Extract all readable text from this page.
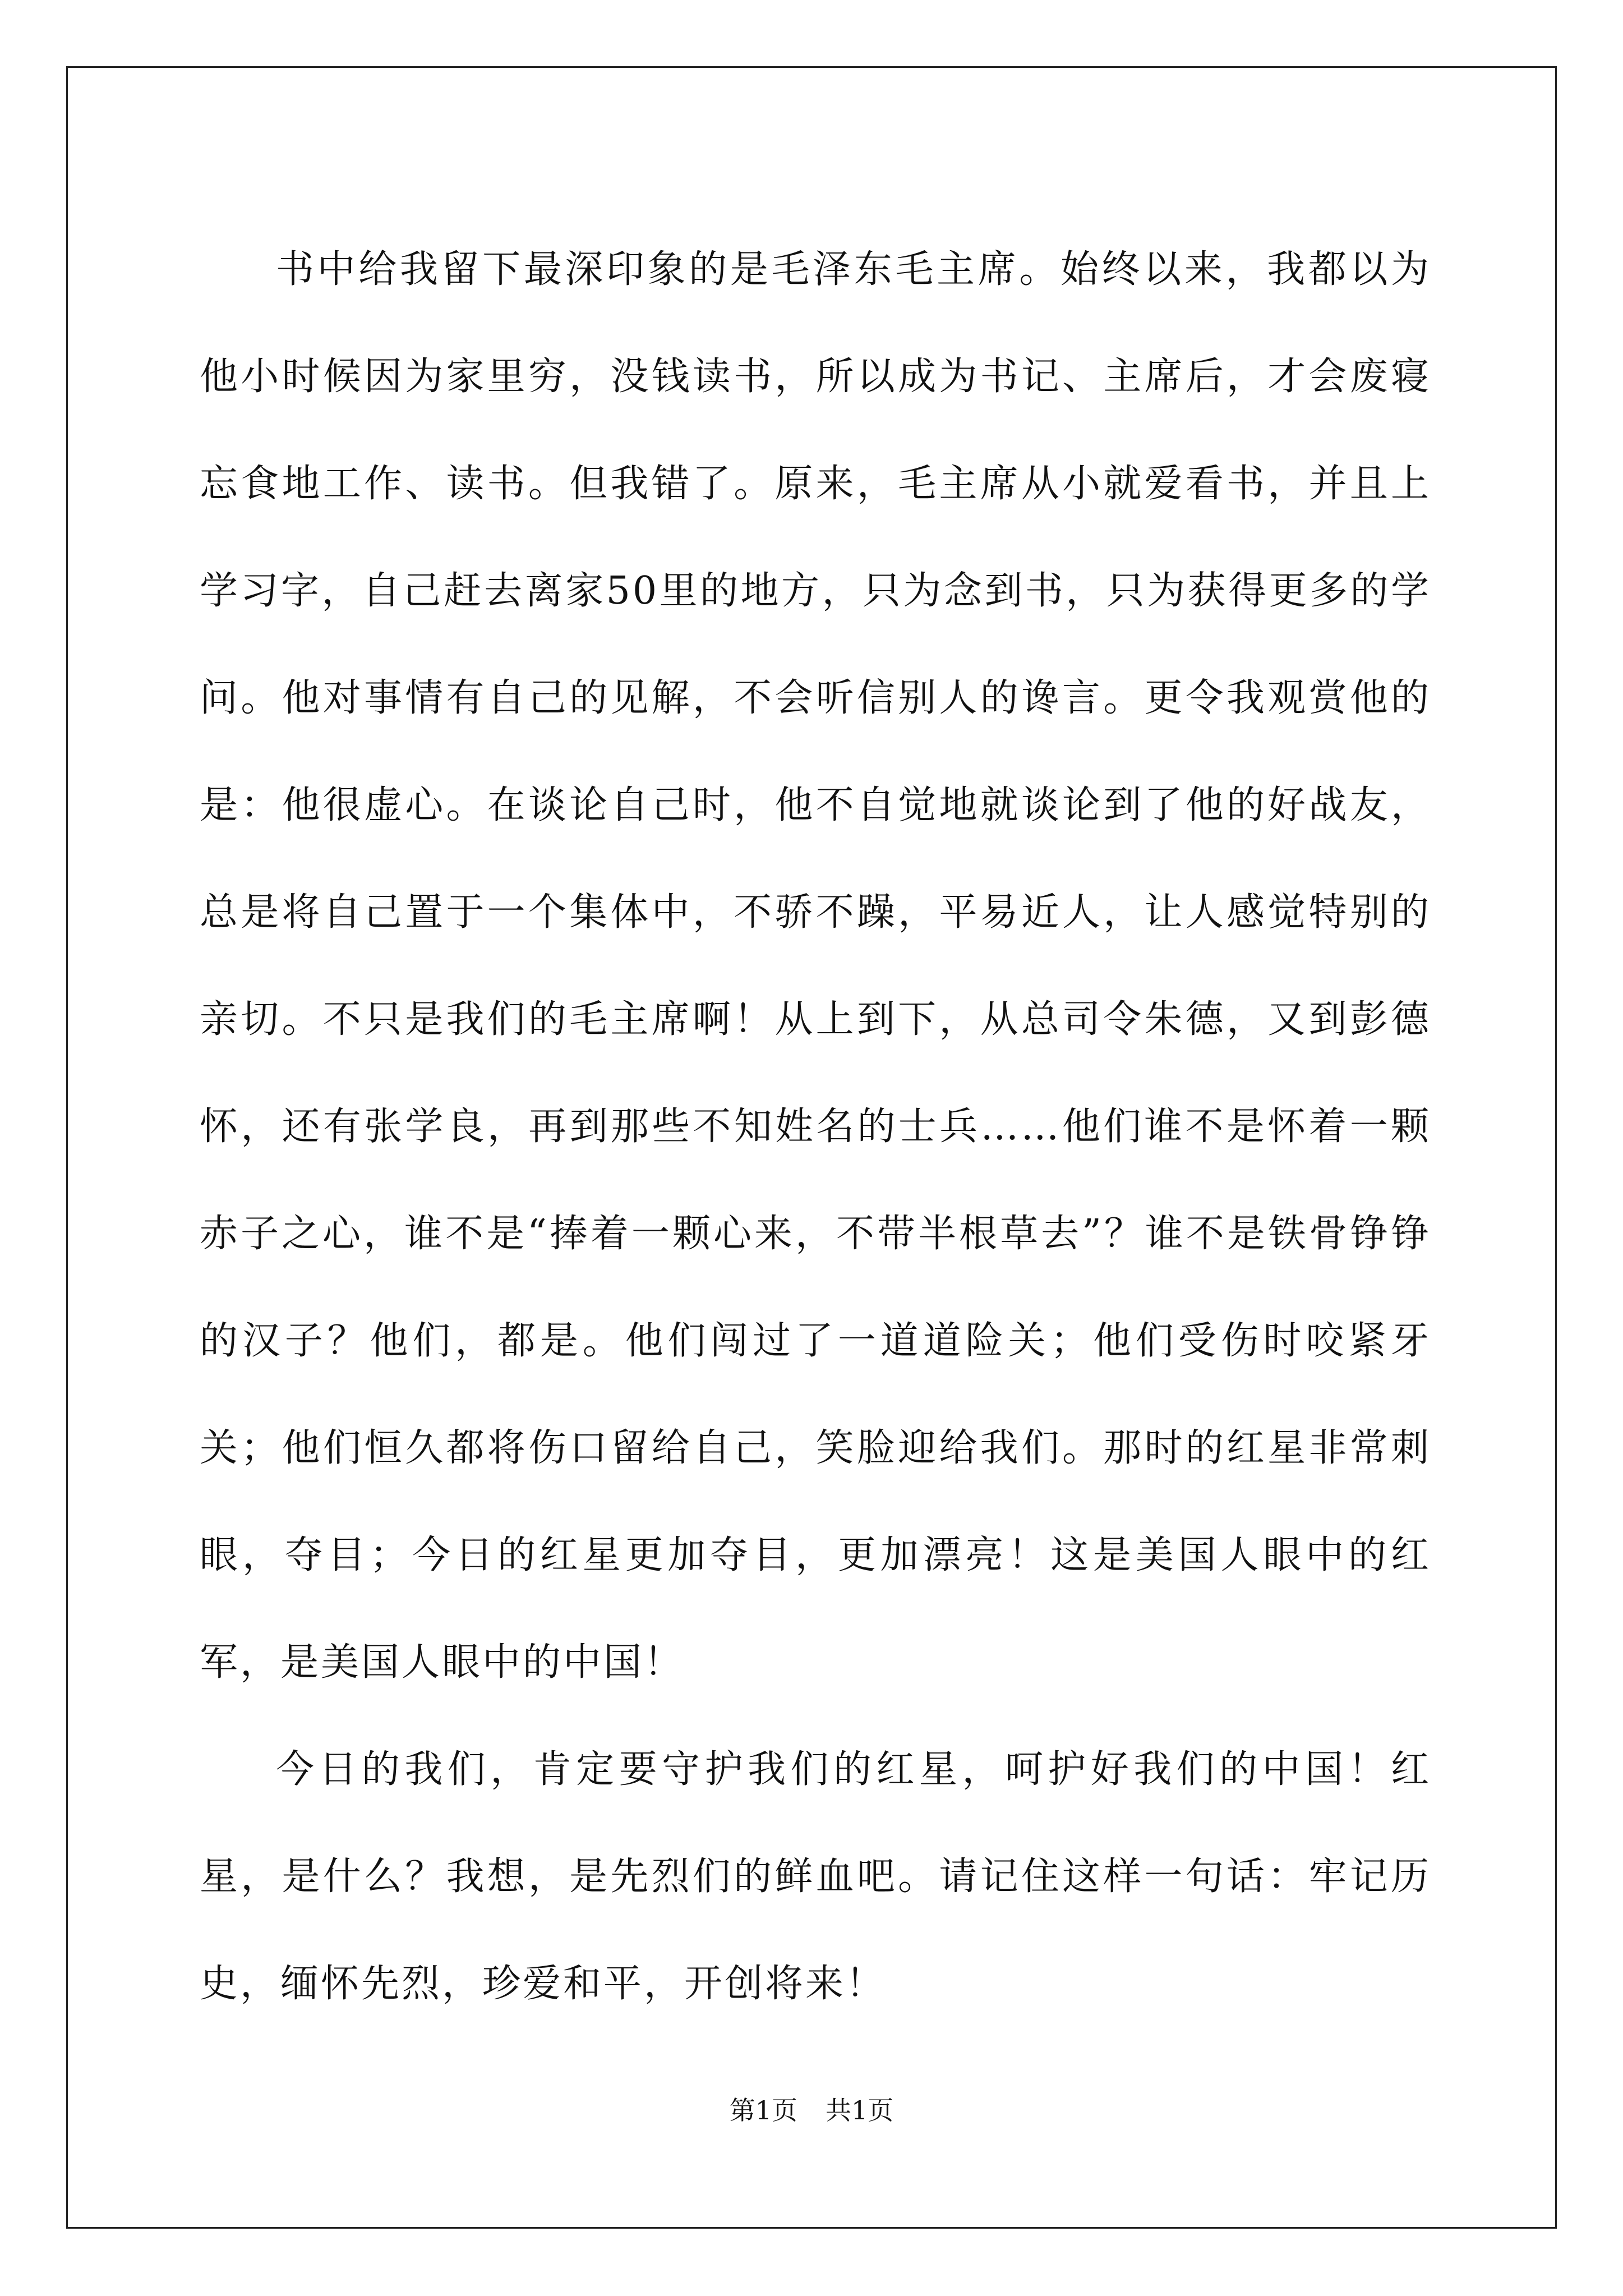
书中给我留下最深印象的是毛泽东毛主席。始终以来，我都以为他小时候因为家里穷，没钱读书，所以成为书记、主席后，才会废寝忘食地工作、读书。但我错了。原来，毛主席从小就爱看书，并且上学习字，自己赶去离家50里的地方，只为念到书，只为获得更多的学问。他对事情有自己的见解，不会听信别人的谗言。更令我观赏他的是：他很虚心。在谈论自己时，他不自觉地就谈论到了他的好战友，总是将自己置于一个集体中，不骄不躁，平易近人，让人感觉特别的亲切。不只是我们的毛主席啊！从上到下，从总司令朱德，又到彭德怀，还有张学良，再到那些不知姓名的士兵……他们谁不是怀着一颗赤子之心，谁不是“捧着一颗心来，不带半根草去”？谁不是铁骨铮铮的汉子？他们，都是。他们闯过了一道道险关；他们受伤时咬紧牙关；他们恒久都将伤口留给自己，笑脸迎给我们。那时的红星非常刺眼，夺目；今日的红星更加夺目，更加漂亮！这是美国人眼中的红军，是美国人眼中的中国！

今日的我们，肯定要守护我们的红星，呵护好我们的中国！红星，是什么？我想，是先烈们的鲜血吧。请记住这样一句话：牢记历史，缅怀先烈，珍爱和平，开创将来！

第1页 共1页
